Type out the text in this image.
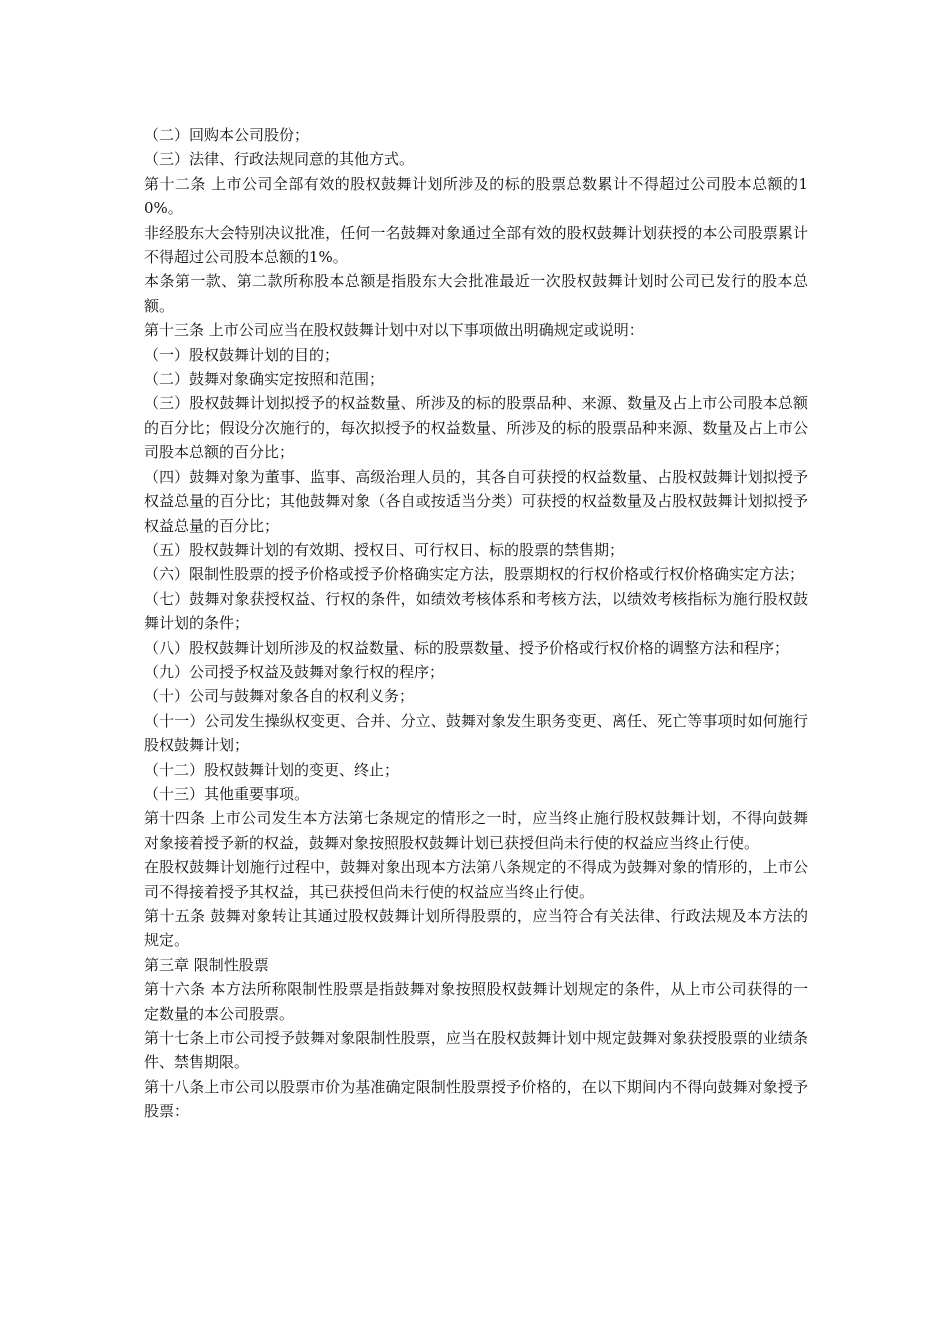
（二）回购本公司股份；

（三）法律、行政法规同意的其他方式。

第十二条 上市公司全部有效的股权鼓舞计划所涉及的标的股票总数累计不得超过公司股本总额的10%。

非经股东大会特别决议批准，任何一名鼓舞对象通过全部有效的股权鼓舞计划获授的本公司股票累计不得超过公司股本总额的1%。

本条第一款、第二款所称股本总额是指股东大会批准最近一次股权鼓舞计划时公司已发行的股本总额。

第十三条 上市公司应当在股权鼓舞计划中对以下事项做出明确规定或说明：

（一）股权鼓舞计划的目的；

（二）鼓舞对象确实定按照和范围；

（三）股权鼓舞计划拟授予的权益数量、所涉及的标的股票品种、来源、数量及占上市公司股本总额的百分比；假设分次施行的，每次拟授予的权益数量、所涉及的标的股票品种来源、数量及占上市公司股本总额的百分比；

（四）鼓舞对象为董事、监事、高级治理人员的，其各自可获授的权益数量、占股权鼓舞计划拟授予权益总量的百分比；其他鼓舞对象（各自或按适当分类）可获授的权益数量及占股权鼓舞计划拟授予权益总量的百分比；

（五）股权鼓舞计划的有效期、授权日、可行权日、标的股票的禁售期；

（六）限制性股票的授予价格或授予价格确实定方法，股票期权的行权价格或行权价格确实定方法；

（七）鼓舞对象获授权益、行权的条件，如绩效考核体系和考核方法，以绩效考核指标为施行股权鼓舞计划的条件；

（八）股权鼓舞计划所涉及的权益数量、标的股票数量、授予价格或行权价格的调整方法和程序；

（九）公司授予权益及鼓舞对象行权的程序；

（十）公司与鼓舞对象各自的权利义务；

（十一）公司发生操纵权变更、合并、分立、鼓舞对象发生职务变更、离任、死亡等事项时如何施行股权鼓舞计划；

（十二）股权鼓舞计划的变更、终止；

（十三）其他重要事项。

第十四条 上市公司发生本方法第七条规定的情形之一时，应当终止施行股权鼓舞计划，不得向鼓舞对象接着授予新的权益，鼓舞对象按照股权鼓舞计划已获授但尚未行使的权益应当终止行使。

在股权鼓舞计划施行过程中，鼓舞对象出现本方法第八条规定的不得成为鼓舞对象的情形的，上市公司不得接着授予其权益，其已获授但尚未行使的权益应当终止行使。

第十五条 鼓舞对象转让其通过股权鼓舞计划所得股票的，应当符合有关法律、行政法规及本方法的规定。

第三章 限制性股票

第十六条 本方法所称限制性股票是指鼓舞对象按照股权鼓舞计划规定的条件，从上市公司获得的一定数量的本公司股票。

第十七条上市公司授予鼓舞对象限制性股票，应当在股权鼓舞计划中规定鼓舞对象获授股票的业绩条件、禁售期限。

第十八条上市公司以股票市价为基准确定限制性股票授予价格的，在以下期间内不得向鼓舞对象授予股票：
